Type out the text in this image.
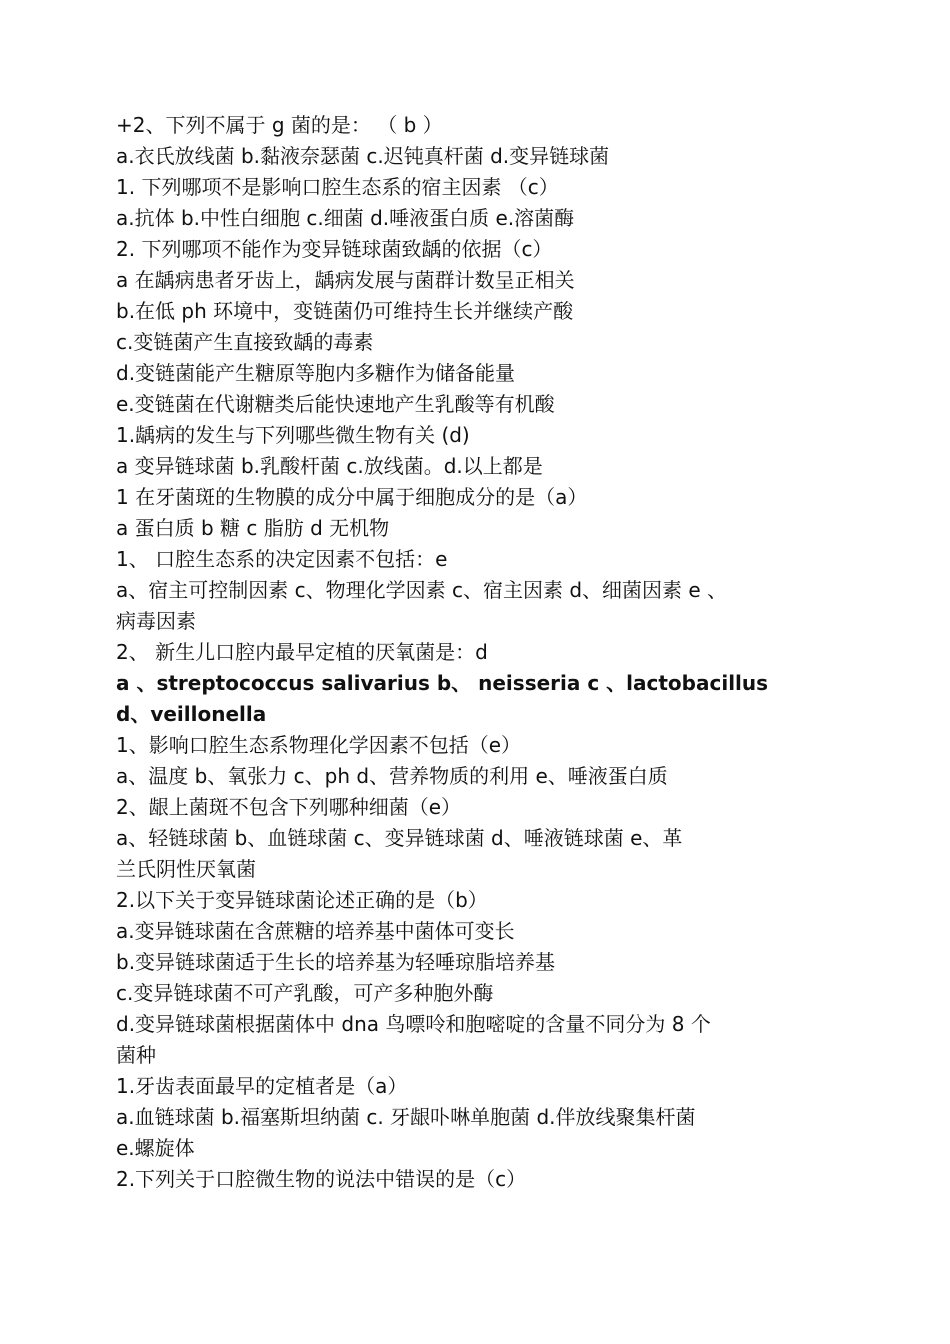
+2、下列不属于 g 菌的是： （ b ）

a.衣氏放线菌 b.黏液奈瑟菌 c.迟钝真杆菌 d.变异链球菌

1. 下列哪项不是影响口腔生态系的宿主因素 （c）

a.抗体 b.中性白细胞 c.细菌 d.唾液蛋白质 e.溶菌酶

2. 下列哪项不能作为变异链球菌致龋的依据（c）

a 在龋病患者牙齿上，龋病发展与菌群计数呈正相关

b.在低 ph 环境中，变链菌仍可维持生长并继续产酸

c.变链菌产生直接致龋的毒素

d.变链菌能产生糖原等胞内多糖作为储备能量

e.变链菌在代谢糖类后能快速地产生乳酸等有机酸

1.龋病的发生与下列哪些微生物有关 (d)

a 变异链球菌 b.乳酸杆菌 c.放线菌。d.以上都是

1 在牙菌斑的生物膜的成分中属于细胞成分的是（a）

a 蛋白质 b 糖 c 脂肪 d 无机物

1、 口腔生态系的决定因素不包括：e

a、宿主可控制因素 c、物理化学因素 c、宿主因素 d、细菌因素 e 、

病毒因素

2、 新生儿口腔内最早定植的厌氧菌是：d

a 、streptococcus salivarius b、 neisseria c 、lactobacillus

d、veillonella

1、影响口腔生态系物理化学因素不包括（e）

a、温度 b、氧张力 c、ph d、营养物质的利用 e、唾液蛋白质

2、龈上菌斑不包含下列哪种细菌（e）

a、轻链球菌 b、血链球菌 c、变异链球菌 d、唾液链球菌 e、革

兰氏阴性厌氧菌

2.以下关于变异链球菌论述正确的是（b）

a.变异链球菌在含蔗糖的培养基中菌体可变长

b.变异链球菌适于生长的培养基为轻唾琼脂培养基

c.变异链球菌不可产乳酸，可产多种胞外酶

d.变异链球菌根据菌体中 dna 鸟嘌呤和胞嘧啶的含量不同分为 8 个

菌种

1.牙齿表面最早的定植者是（a）

a.血链球菌 b.福塞斯坦纳菌 c. 牙龈卟啉单胞菌 d.伴放线聚集杆菌

e.螺旋体

2.下列关于口腔微生物的说法中错误的是（c）
